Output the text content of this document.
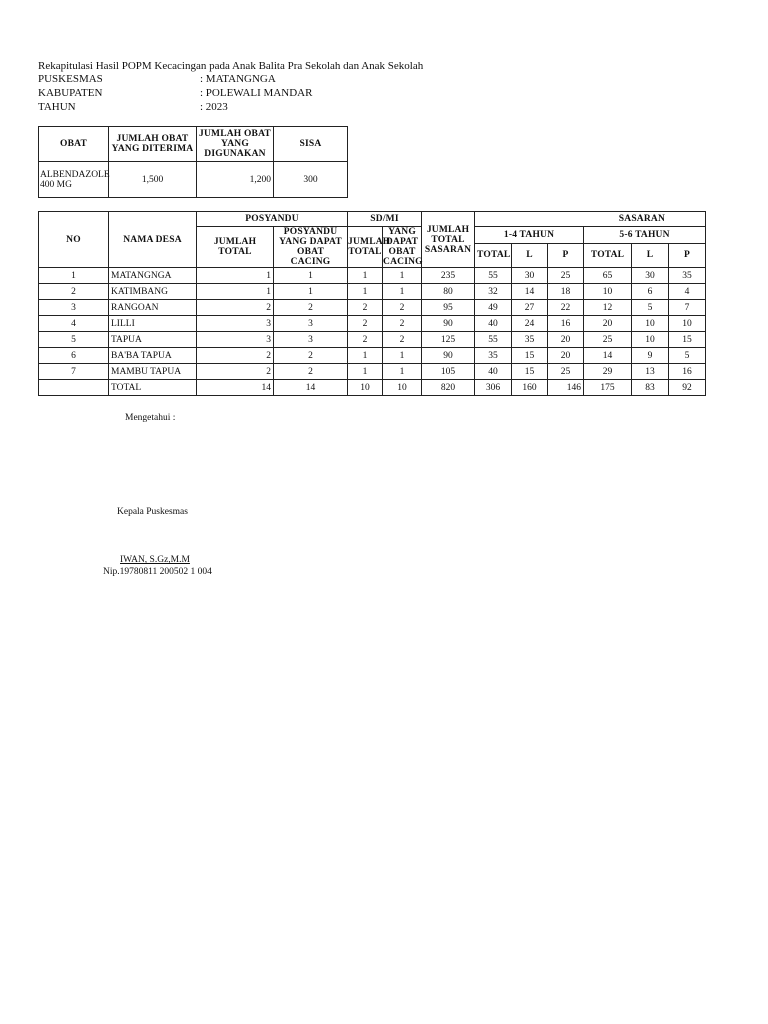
Rekapitulasi Hasil POPM Kecacingan pada Anak Balita Pra Sekolah dan Anak Sekolah
PUSKESMAS	: MATANGNGA
KABUPATEN	: POLEWALI MANDAR
TAHUN	: 2023
OBAT	JUMLAH OBAT YANG DITERIMA	JUMLAH OBAT YANG DIGUNAKAN	SISA
ALBENDAZOLE 400 MG	1,500	1,200	300
NO	NAMA DESA	POSYANDU		SD/MI		JUMLAH TOTAL SASARAN	SASARAN					
		JUMLAH TOTAL	POSYANDU YANG DAPAT OBAT CACING	JUMLAH TOTAL	YANG DAPAT OBAT CACING		1-4 TAHUN			5-6 TAHUN		
							TOTAL	L	P	TOTAL	L	P
1	MATANGNGA	1	1	1	1	235	55	30	25	65	30	35
2	KATIMBANG	1	1	1	1	80	32	14	18	10	6	4
3	RANGOAN	2	2	2	2	95	49	27	22	12	5	7
4	LILLI	3	3	2	2	90	40	24	16	20	10	10
5	TAPUA	3	3	2	2	125	55	35	20	25	10	15
6	BA'BA TAPUA	2	2	1	1	90	35	15	20	14	9	5
7	MAMBU TAPUA	2	2	1	1	105	40	15	25	29	13	16
	TOTAL	14	14	10	10	820	306	160	146	175	83	92
Mengetahui :
Kepala Puskesmas
IWAN, S.Gz,M.M
Nip.19780811 200502 1 004
